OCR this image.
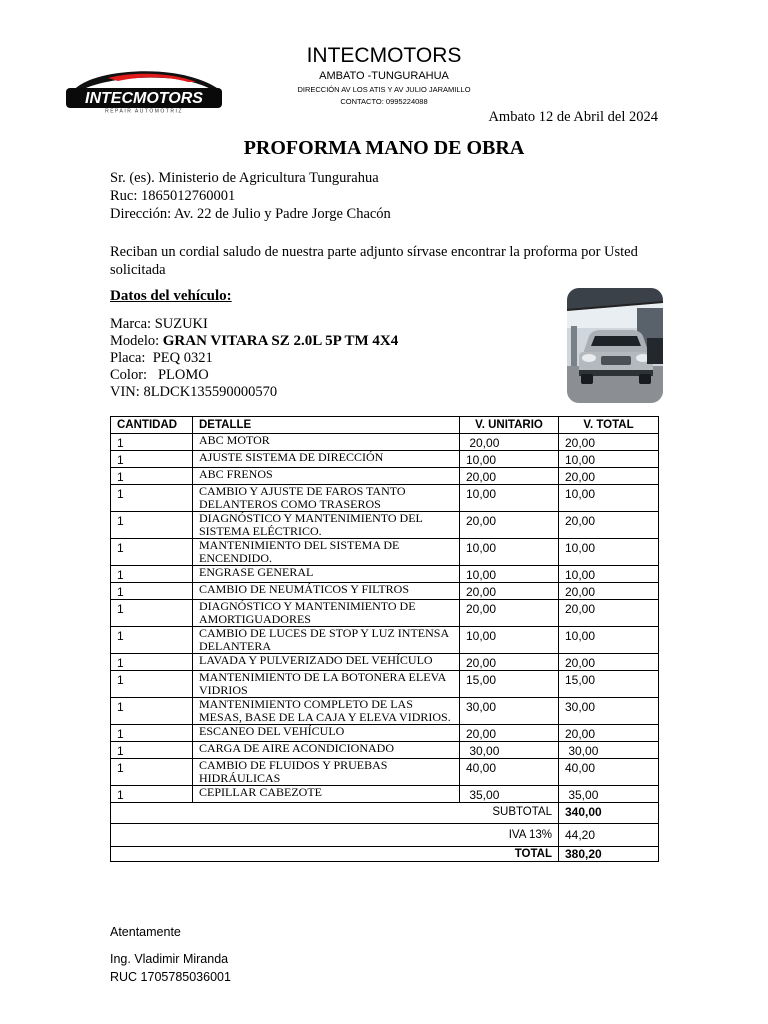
INTECMOTORS
AMBATO -TUNGURAHUA
DIRECCIÓN AV LOS ATIS Y AV JULIO JARAMILLO
CONTACTO: 0995224088
INTECMOTORS
REPAIR AUTOMOTRIZ	Ambato 12 de Abril del 2024
PROFORMA MANO DE OBRA
Sr. (es). Ministerio de Agricultura Tungurahua
Ruc: 1865012760001
Dirección: Av. 22 de Julio y Padre Jorge Chacón
Reciban un cordial saludo de nuestra parte adjunto sírvase encontrar la proforma por Usted solicitada
Datos del vehículo:
Marca: SUZUKI
Modelo: GRAN VITARA SZ 2.0L 5P TM 4X4
Placa: PEQ 0321
Color: PLOMO
VIN: 8LDCK135590000570
CANTIDAD	DETALLE	V. UNITARIO	V. TOTAL
1	ABC MOTOR	20,00	20,00
1	AJUSTE SISTEMA DE DIRECCIÓN	10,00	10,00
1	ABC FRENOS	20,00	20,00
1	CAMBIO Y AJUSTE DE FAROS TANTO DELANTEROS COMO TRASEROS	10,00	10,00
1	DIAGNÓSTICO Y MANTENIMIENTO DEL SISTEMA ELÉCTRICO.	20,00	20,00
1	MANTENIMIENTO DEL SISTEMA DE ENCENDIDO.	10,00	10,00
1	ENGRASE GENERAL	10,00	10,00
1	CAMBIO DE NEUMÁTICOS Y FILTROS	20,00	20,00
1	DIAGNÓSTICO Y MANTENIMIENTO DE AMORTIGUADORES	20,00	20,00
1	CAMBIO DE LUCES DE STOP Y LUZ INTENSA DELANTERA	10,00	10,00
1	LAVADA Y PULVERIZADO DEL VEHÍCULO	20,00	20,00
1	MANTENIMIENTO DE LA BOTONERA ELEVA VIDRIOS	15,00	15,00
1	MANTENIMIENTO COMPLETO DE LAS MESAS, BASE DE LA CAJA Y ELEVA VIDRIOS.	30,00	30,00
1	ESCANEO DEL VEHÍCULO	20,00	20,00
1	CARGA DE AIRE ACONDICIONADO	30,00	30,00
1	CAMBIO DE FLUIDOS Y PRUEBAS HIDRÁULICAS	40,00	40,00
1	CEPILLAR CABEZOTE	35,00	35,00
SUBTOTAL			340,00
IVA 13%			44,20
TOTAL			380,20
Atentamente
Ing. Vladimir Miranda
RUC 1705785036001
